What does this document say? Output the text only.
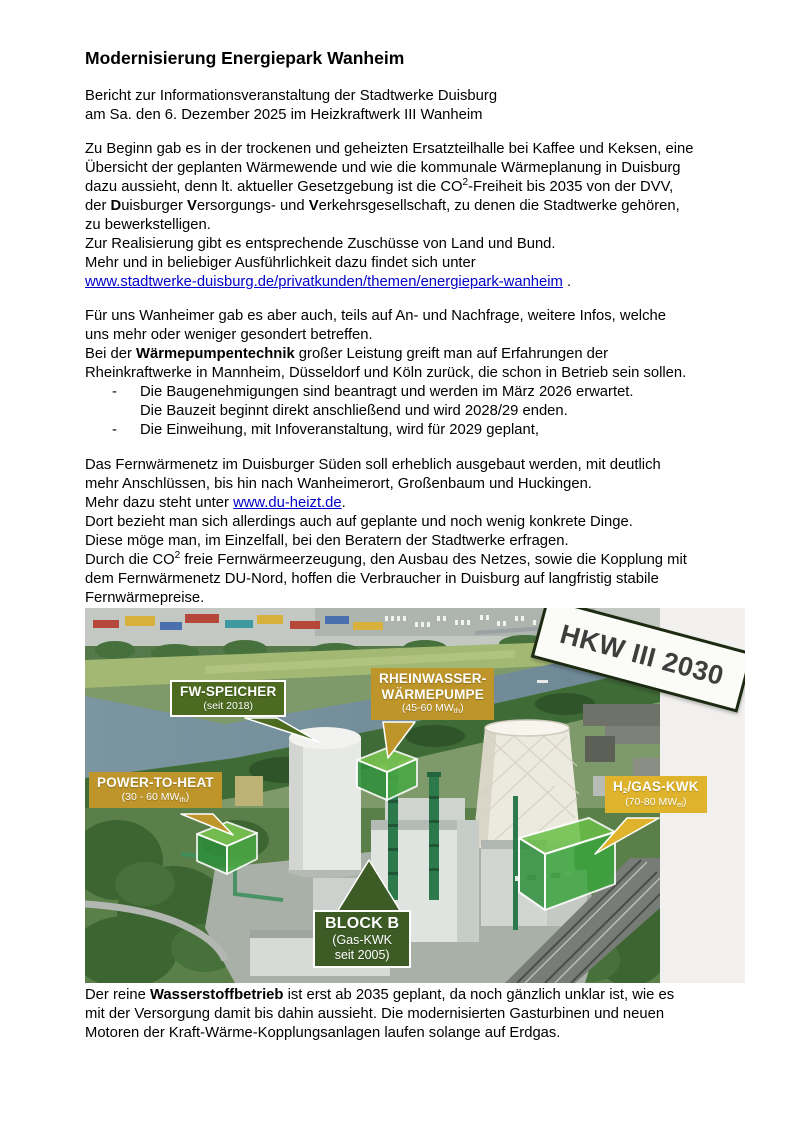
Modernisierung Energiepark Wanheim
Bericht zur Informationsveranstaltung der Stadtwerke Duisburg
am Sa. den 6. Dezember 2025 im Heizkraftwerk III Wanheim
Zu Beginn gab es in der trockenen und geheizten Ersatzteilhalle bei Kaffee und Keksen, eine
Übersicht der geplanten Wärmewende und wie die kommunale Wärmeplanung in Duisburg
dazu aussieht, denn lt. aktueller Gesetzgebung ist die $CO^2$-Freiheit bis 2035 von der DVV,
der Duisburger Versorgungs- und Verkehrsgesellschaft, zu denen die Stadtwerke gehören,
zu bewerkstelligen.
Zur Realisierung gibt es entsprechende Zuschüsse von Land und Bund.
Mehr und in beliebiger Ausführlichkeit dazu findet sich unter
www.stadtwerke-duisburg.de/privatkunden/themen/energiepark-wanheim .
Für uns Wanheimer gab es aber auch, teils auf An- und Nachfrage, weitere Infos, welche
uns mehr oder weniger gesondert betreffen.
Bei der Wärmepumpentechnik großer Leistung greift man auf Erfahrungen der
Rheinkraftwerke in Mannheim, Düsseldorf und Köln zurück, die schon in Betrieb sein sollen.
- Die Baugenehmigungen sind beantragt und werden im März 2026 erwartet.
Die Bauzeit beginnt direkt anschließend und wird 2028/29 enden.
- Die Einweihung, mit Infoveranstaltung, wird für 2029 geplant,
Das Fernwärmenetz im Duisburger Süden soll erheblich ausgebaut werden, mit deutlich
mehr Anschlüssen, bis hin nach Wanheimerort, Großenbaum und Huckingen.
Mehr dazu steht unter www.du-heizt.de.
Dort bezieht man sich allerdings auch auf geplante und noch wenig konkrete Dinge.
Diese möge man, im Einzelfall, bei den Beratern der Stadtwerke erfragen.
Durch die $CO^2$ freie Fernwärmeerzeugung, den Ausbau des Netzes, sowie die Kopplung mit
dem Fernwärmenetz DU-Nord, hoffen die Verbraucher in Duisburg auf langfristig stabile
Fernwärmepreise.
HKW III 2030
FW-SPEICHER
(seit 2018)
RHEINWASSER-
WÄRMEPUMPE
(45-60 MWth)
POWER-TO-HEAT
(30 - 60 MWth)
H2/GAS-KWK
(70-80 MWel)
BLOCK B
(Gas-KWK
seit 2005)
Der reine Wasserstoffbetrieb ist erst ab 2035 geplant, da noch gänzlich unklar ist, wie es
mit der Versorgung damit bis dahin aussieht. Die modernisierten Gasturbinen und neuen
Motoren der Kraft-Wärme-Kopplungsanlagen laufen solange auf Erdgas.
